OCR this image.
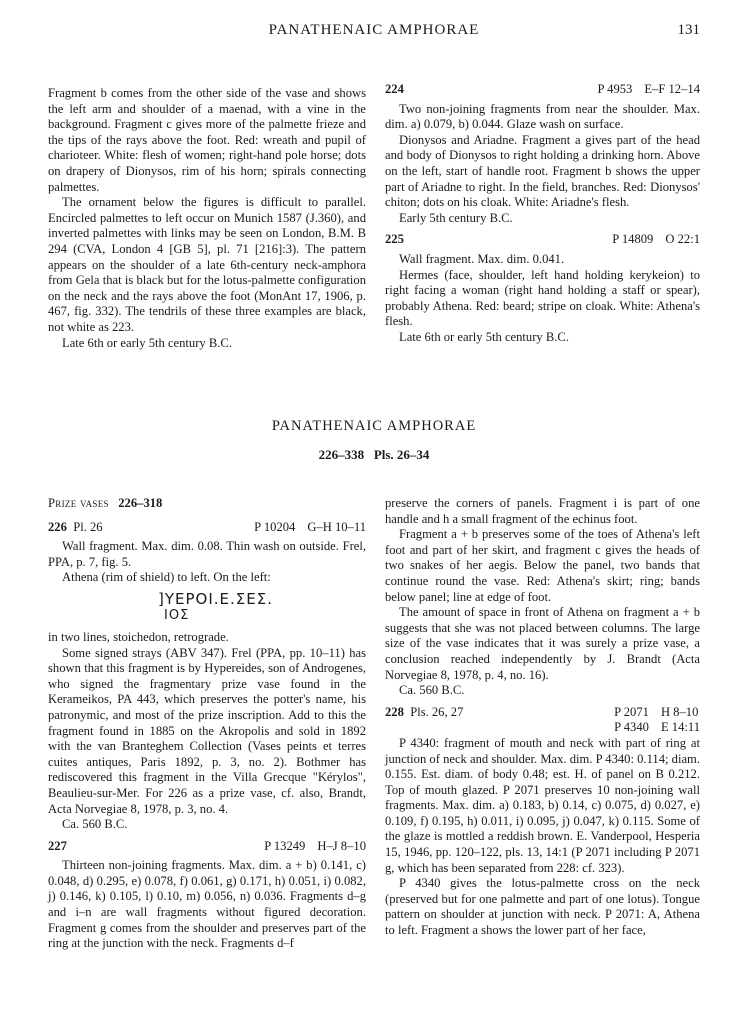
PANATHENAIC AMPHORAE	131

Fragment b comes from the other side of the vase and shows the left arm and shoulder of a maenad, with a vine in the background. Fragment c gives more of the palmette frieze and the tips of the rays above the foot. Red: wreath and pupil of charioteer. White: flesh of women; right-hand pole horse; dots on drapery of Dionysos, rim of his horn; spirals connecting palmettes.

The ornament below the figures is difficult to parallel. Encircled palmettes to left occur on Munich 1587 (J.360), and inverted palmettes with links may be seen on London, B.M. B 294 (CVA, London 4 [GB 5], pl. 71 [216]:3). The pattern appears on the shoulder of a late 6th-century neck-amphora from Gela that is black but for the lotus-palmette configuration on the neck and the rays above the foot (MonAnt 17, 1906, p. 467, fig. 332). The tendrils of these three examples are black, not white as 223.

Late 6th or early 5th century B.C.

224	P 4953 E–F 12–14

Two non-joining fragments from near the shoulder. Max. dim. a) 0.079, b) 0.044. Glaze wash on surface.

Dionysos and Ariadne. Fragment a gives part of the head and body of Dionysos to right holding a drinking horn. Above on the left, start of handle root. Fragment b shows the upper part of Ariadne to right. In the field, branches. Red: Dionysos' chiton; dots on his cloak. White: Ariadne's flesh.

Early 5th century B.C.

225	P 14809 O 22:1

Wall fragment. Max. dim. 0.041.

Hermes (face, shoulder, left hand holding kerykeion) to right facing a woman (right hand holding a staff or spear), probably Athena. Red: beard; stripe on cloak. White: Athena's flesh.

Late 6th or early 5th century B.C.

PANATHENAIC AMPHORAE
226–338 Pls. 26–34
Prize vases 226–318
226 Pl. 26	P 10204 G–H 10–11

Wall fragment. Max. dim. 0.08. Thin wash on outside. Frel, PPA, p. 7, fig. 5.

Athena (rim of shield) to left. On the left:

]ΥΕΡΟΙ.Ε.ΣΕΣ.
ΙΟΣ

in two lines, stoichedon, retrograde.

Some signed strays (ABV 347). Frel (PPA, pp. 10–11) has shown that this fragment is by Hypereides, son of Androgenes, who signed the fragmentary prize vase found in the Kerameikos, PA 443, which preserves the potter's name, his patronymic, and most of the prize inscription. Add to this the fragment found in 1885 on the Akropolis and sold in 1892 with the van Branteghem Collection (Vases peints et terres cuites antiques, Paris 1892, p. 3, no. 2). Bothmer has rediscovered this fragment in the Villa Grecque "Kérylos", Beaulieu-sur-Mer. For 226 as a prize vase, cf. also, Brandt, Acta Norvegiae 8, 1978, p. 3, no. 4.

Ca. 560 B.C.

227	P 13249 H–J 8–10

Thirteen non-joining fragments. Max. dim. a + b) 0.141, c) 0.048, d) 0.295, e) 0.078, f) 0.061, g) 0.171, h) 0.051, i) 0.082, j) 0.146, k) 0.105, l) 0.10, m) 0.056, n) 0.036. Fragments d–g and i–n are wall fragments without figured decoration. Fragment g comes from the shoulder and preserves part of the ring at the junction with the neck. Fragments d–f

preserve the corners of panels. Fragment i is part of one handle and h a small fragment of the echinus foot.

Fragment a + b preserves some of the toes of Athena's left foot and part of her skirt, and fragment c gives the heads of two snakes of her aegis. Below the panel, two bands that continue round the vase. Red: Athena's skirt; ring; bands below panel; line at edge of foot.

The amount of space in front of Athena on fragment a + b suggests that she was not placed between columns. The large size of the vase indicates that it was surely a prize vase, a conclusion reached independently by J. Brandt (Acta Norvegiae 8, 1978, p. 4, no. 16).

Ca. 560 B.C.

228 Pls. 26, 27	P 2071 H 8–10
P 4340 E 14:11

P 4340: fragment of mouth and neck with part of ring at junction of neck and shoulder. Max. dim. P 4340: 0.114; diam. 0.155. Est. diam. of body 0.48; est. H. of panel on B 0.212. Top of mouth glazed. P 2071 preserves 10 non-joining wall fragments. Max. dim. a) 0.183, b) 0.14, c) 0.075, d) 0.027, e) 0.109, f) 0.195, h) 0.011, i) 0.095, j) 0.047, k) 0.115. Some of the glaze is mottled a reddish brown. E. Vanderpool, Hesperia 15, 1946, pp. 120–122, pls. 13, 14:1 (P 2071 including P 2071 g, which has been separated from 228: cf. 323).

P 4340 gives the lotus-palmette cross on the neck (preserved but for one palmette and part of one lotus). Tongue pattern on shoulder at junction with neck. P 2071: A, Athena to left. Fragment a shows the lower part of her face,
